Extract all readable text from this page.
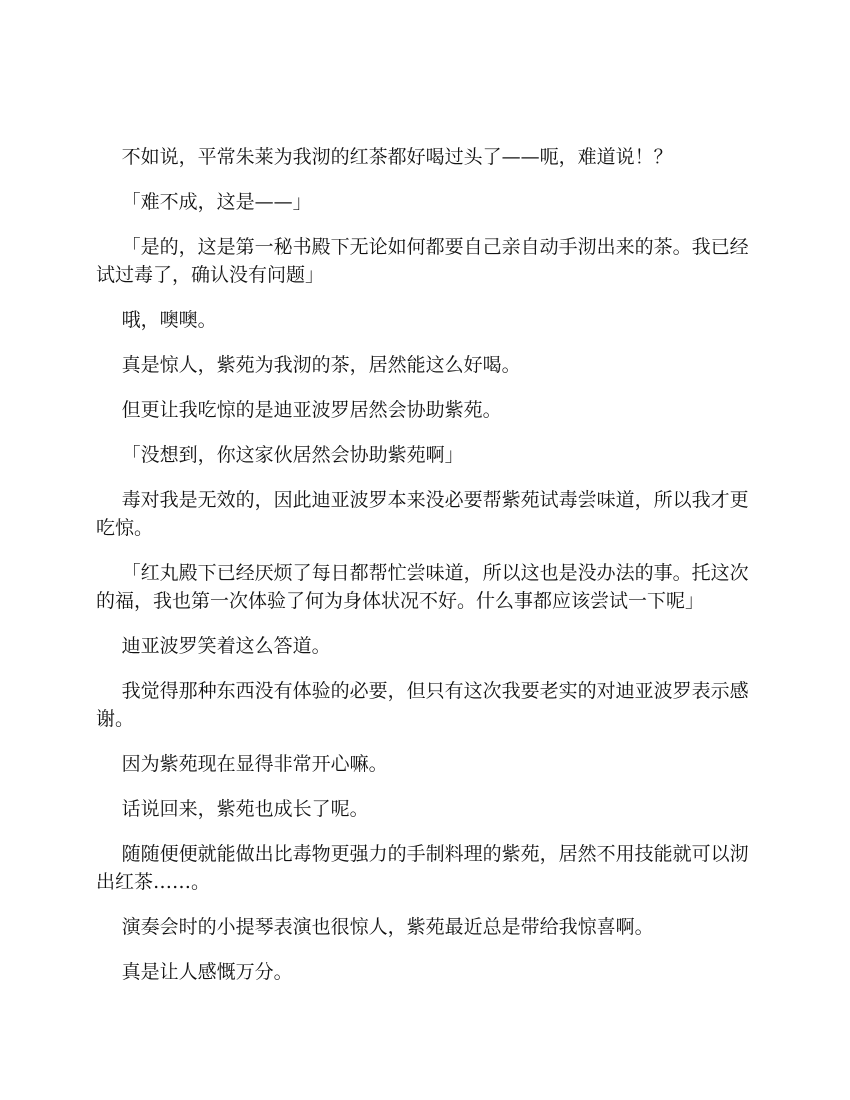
不如说，平常朱莱为我沏的红茶都好喝过头了——呃，难道说！？

「难不成，这是——」

「是的，这是第一秘书殿下无论如何都要自己亲自动手沏出来的茶。我已经试过毒了，确认没有问题」

哦，噢噢。

真是惊人，紫苑为我沏的茶，居然能这么好喝。

但更让我吃惊的是迪亚波罗居然会协助紫苑。

「没想到，你这家伙居然会协助紫苑啊」

毒对我是无效的，因此迪亚波罗本来没必要帮紫苑试毒尝味道，所以我才更吃惊。

「红丸殿下已经厌烦了每日都帮忙尝味道，所以这也是没办法的事。托这次的福，我也第一次体验了何为身体状况不好。什么事都应该尝试一下呢」

迪亚波罗笑着这么答道。

我觉得那种东西没有体验的必要，但只有这次我要老实的对迪亚波罗表示感谢。

因为紫苑现在显得非常开心嘛。

话说回来，紫苑也成长了呢。

随随便便就能做出比毒物更强力的手制料理的紫苑，居然不用技能就可以沏出红茶……。

演奏会时的小提琴表演也很惊人，紫苑最近总是带给我惊喜啊。

真是让人感慨万分。
